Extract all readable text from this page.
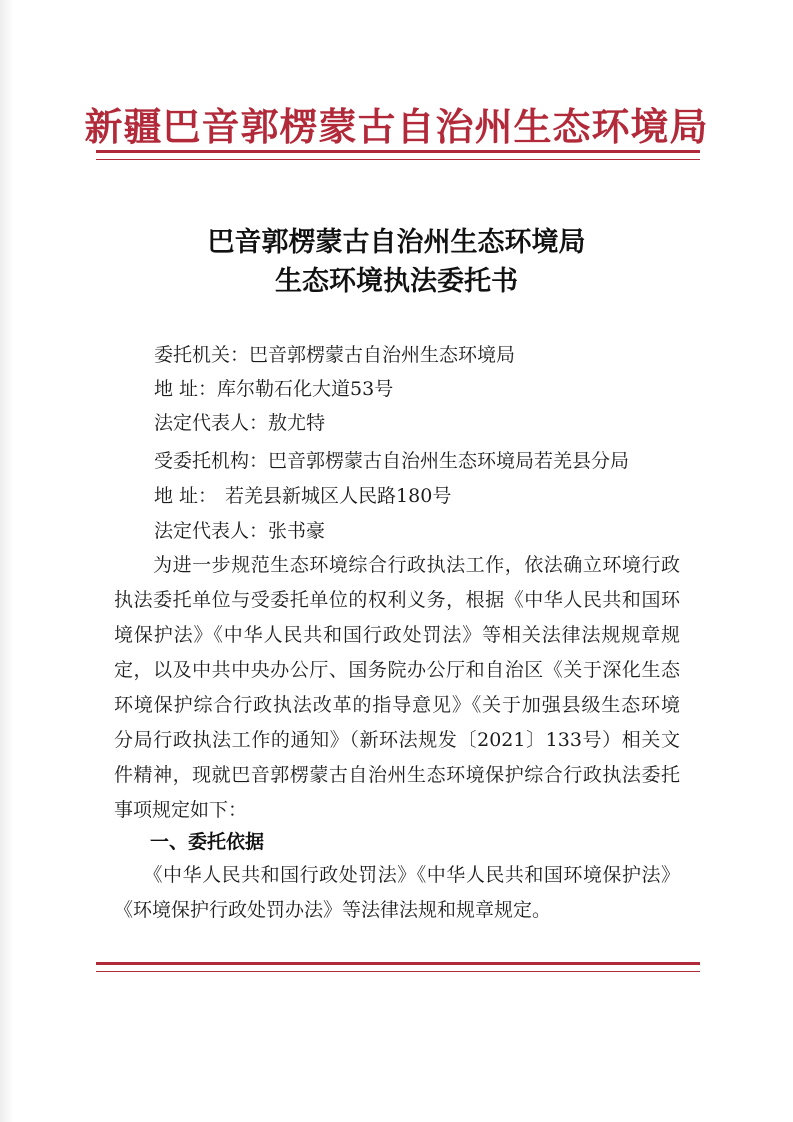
新疆巴音郭楞蒙古自治州生态环境局
巴音郭楞蒙古自治州生态环境局
生态环境执法委托书
委托机关：巴音郭楞蒙古自治州生态环境局
地 址：库尔勒石化大道53号
法定代表人：敖尤特
受委托机构：巴音郭楞蒙古自治州生态环境局若羌县分局
地 址： 若羌县新城区人民路180号
法定代表人：张书豪
　　为进一步规范生态环境综合行政执法工作，依法确立环境行政
执法委托单位与受委托单位的权利义务，根据《中华人民共和国环
境保护法》《中华人民共和国行政处罚法》等相关法律法规规章规
定，以及中共中央办公厅、国务院办公厅和自治区《关于深化生态
环境保护综合行政执法改革的指导意见》《关于加强县级生态环境
分局行政执法工作的通知》（新环法规发〔2021〕133号）相关文
件精神，现就巴音郭楞蒙古自治州生态环境保护综合行政执法委托
事项规定如下：
一、委托依据
　　《中华人民共和国行政处罚法》《中华人民共和国环境保护法》
《环境保护行政处罚办法》等法律法规和规章规定。
